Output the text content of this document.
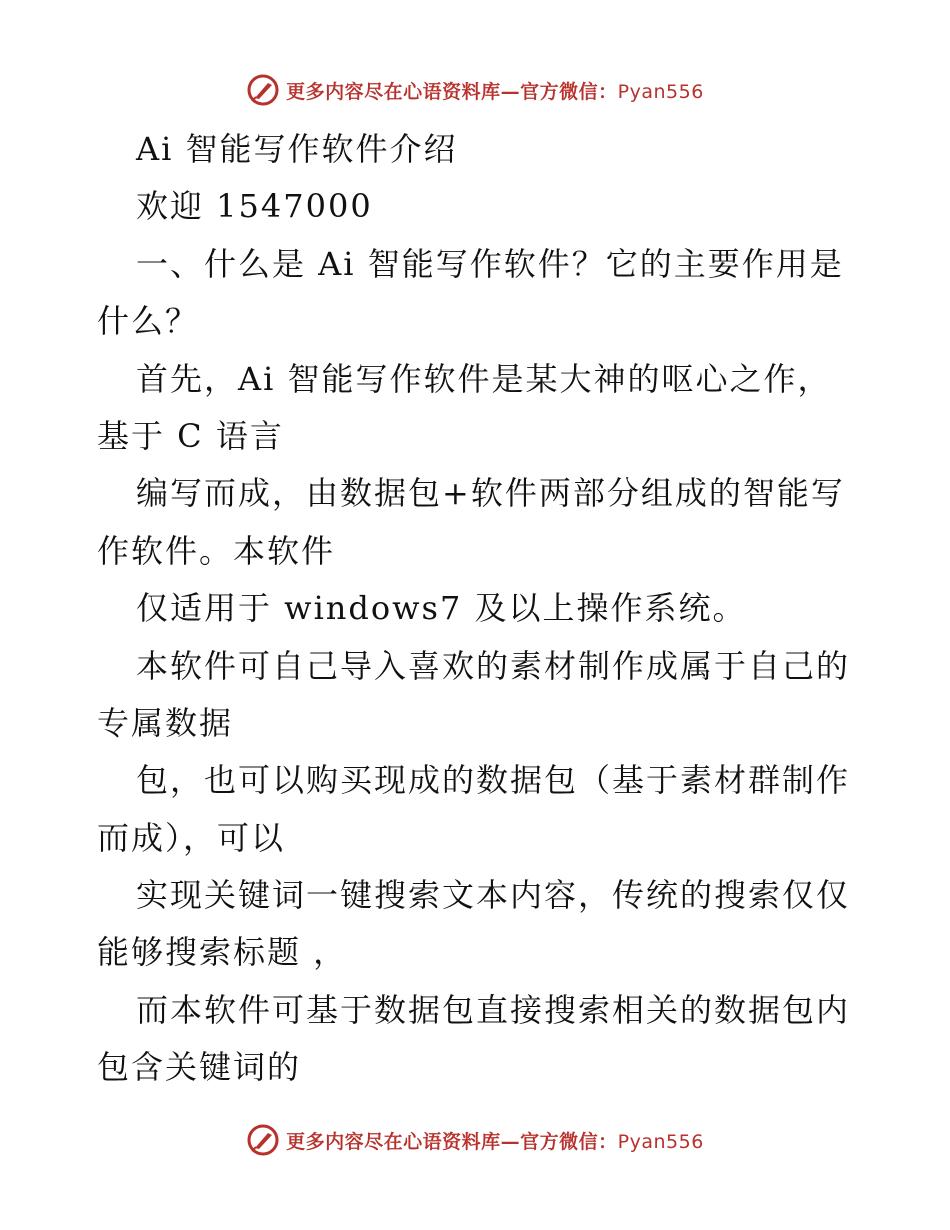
更多内容尽在心语资料库—官方微信：Pyan556
Ai 智能写作软件介绍
欢迎 1547000
一、什么是 Ai 智能写作软件？它的主要作用是
什么？
首先，Ai 智能写作软件是某大神的呕心之作，
基于 C 语言
编写而成，由数据包+软件两部分组成的智能写
作软件。本软件
仅适用于 windows7 及以上操作系统。
本软件可自己导入喜欢的素材制作成属于自己的
专属数据
包，也可以购买现成的数据包（基于素材群制作
而成），可以
实现关键词一键搜索文本内容，传统的搜索仅仅
能够搜索标题 ，
而本软件可基于数据包直接搜索相关的数据包内
包含关键词的
更多内容尽在心语资料库—官方微信：Pyan556
